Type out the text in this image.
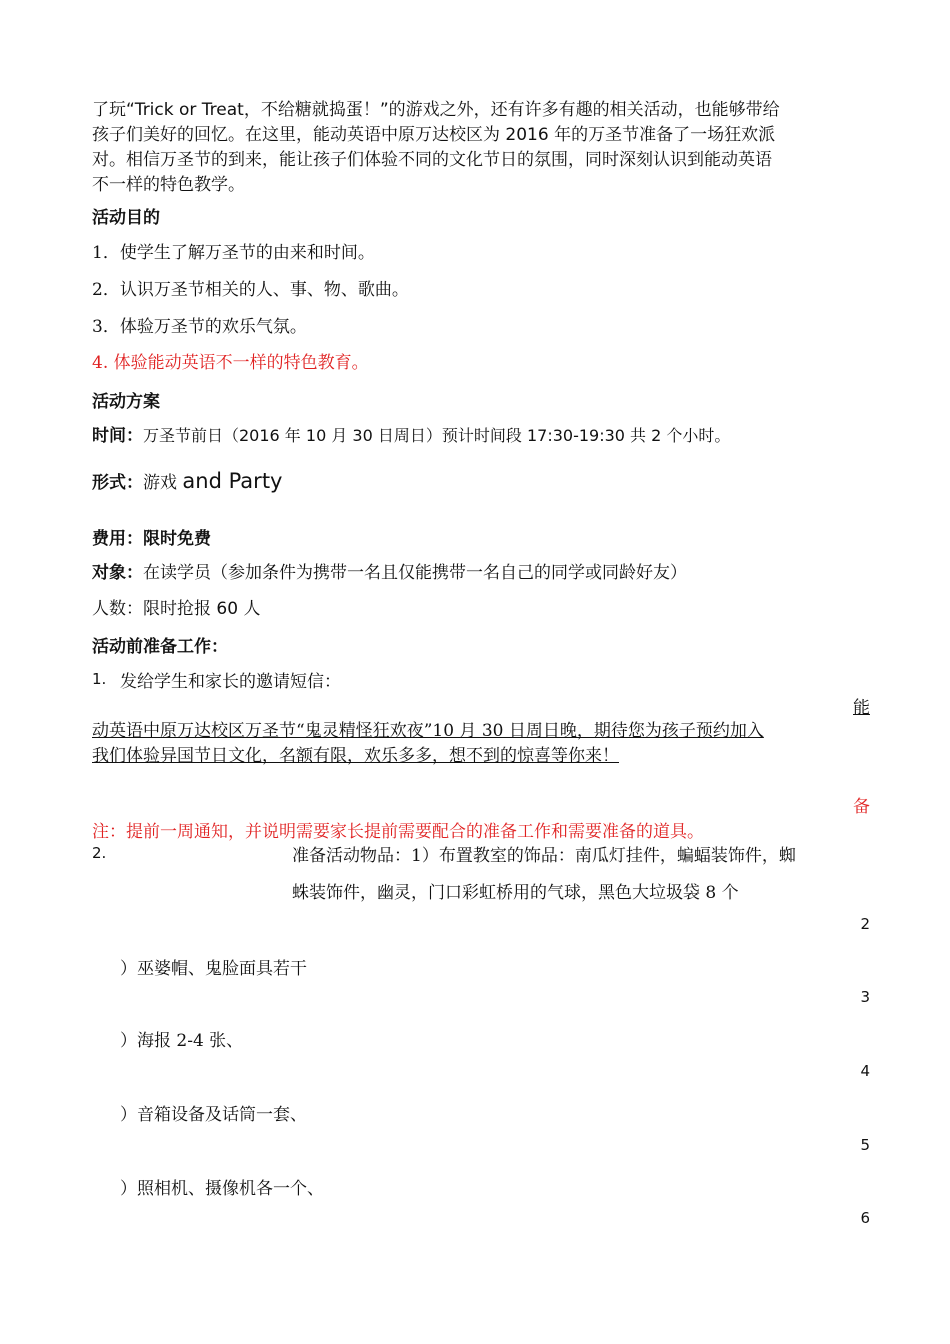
了玩“Trick or Treat，不给糖就捣蛋！”的游戏之外，还有许多有趣的相关活动，也能够带给
孩子们美好的回忆。在这里，能动英语中原万达校区为 2016 年的万圣节准备了一场狂欢派
对。相信万圣节的到来，能让孩子们体验不同的文化节日的氛围，同时深刻认识到能动英语
不一样的特色教学。
活动目的
1．使学生了解万圣节的由来和时间。
2．认识万圣节相关的人、事、物、歌曲。
3．体验万圣节的欢乐气氛。
4. 体验能动英语不一样的特色教育。
活动方案
时间：万圣节前日（2016 年 10 月 30 日周日）预计时间段 17:30-19:30 共 2 个小时。
形式：游戏 and Party
费用：限时免费
对象：在读学员（参加条件为携带一名且仅能携带一名自己的同学或同龄好友）
人数：限时抢报 60 人
活动前准备工作：
1. 发给学生和家长的邀请短信：
能
动英语中原万达校区万圣节“鬼灵精怪狂欢夜”10 月 30 日周日晚，期待您为孩子预约加入
我们体验异国节日文化，名额有限，欢乐多多，想不到的惊喜等你来！
备
注：提前一周通知，并说明需要家长提前需要配合的准备工作和需要准备的道具。
2.	准备活动物品：1）布置教室的饰品：南瓜灯挂件，蝙蝠装饰件，蜘
蛛装饰件，幽灵，门口彩虹桥用的气球，黑色大垃圾袋 8 个
2
）巫婆帽、鬼脸面具若干
3
）海报 2-4 张、
4
）音箱设备及话筒一套、
5
）照相机、摄像机各一个、
6
